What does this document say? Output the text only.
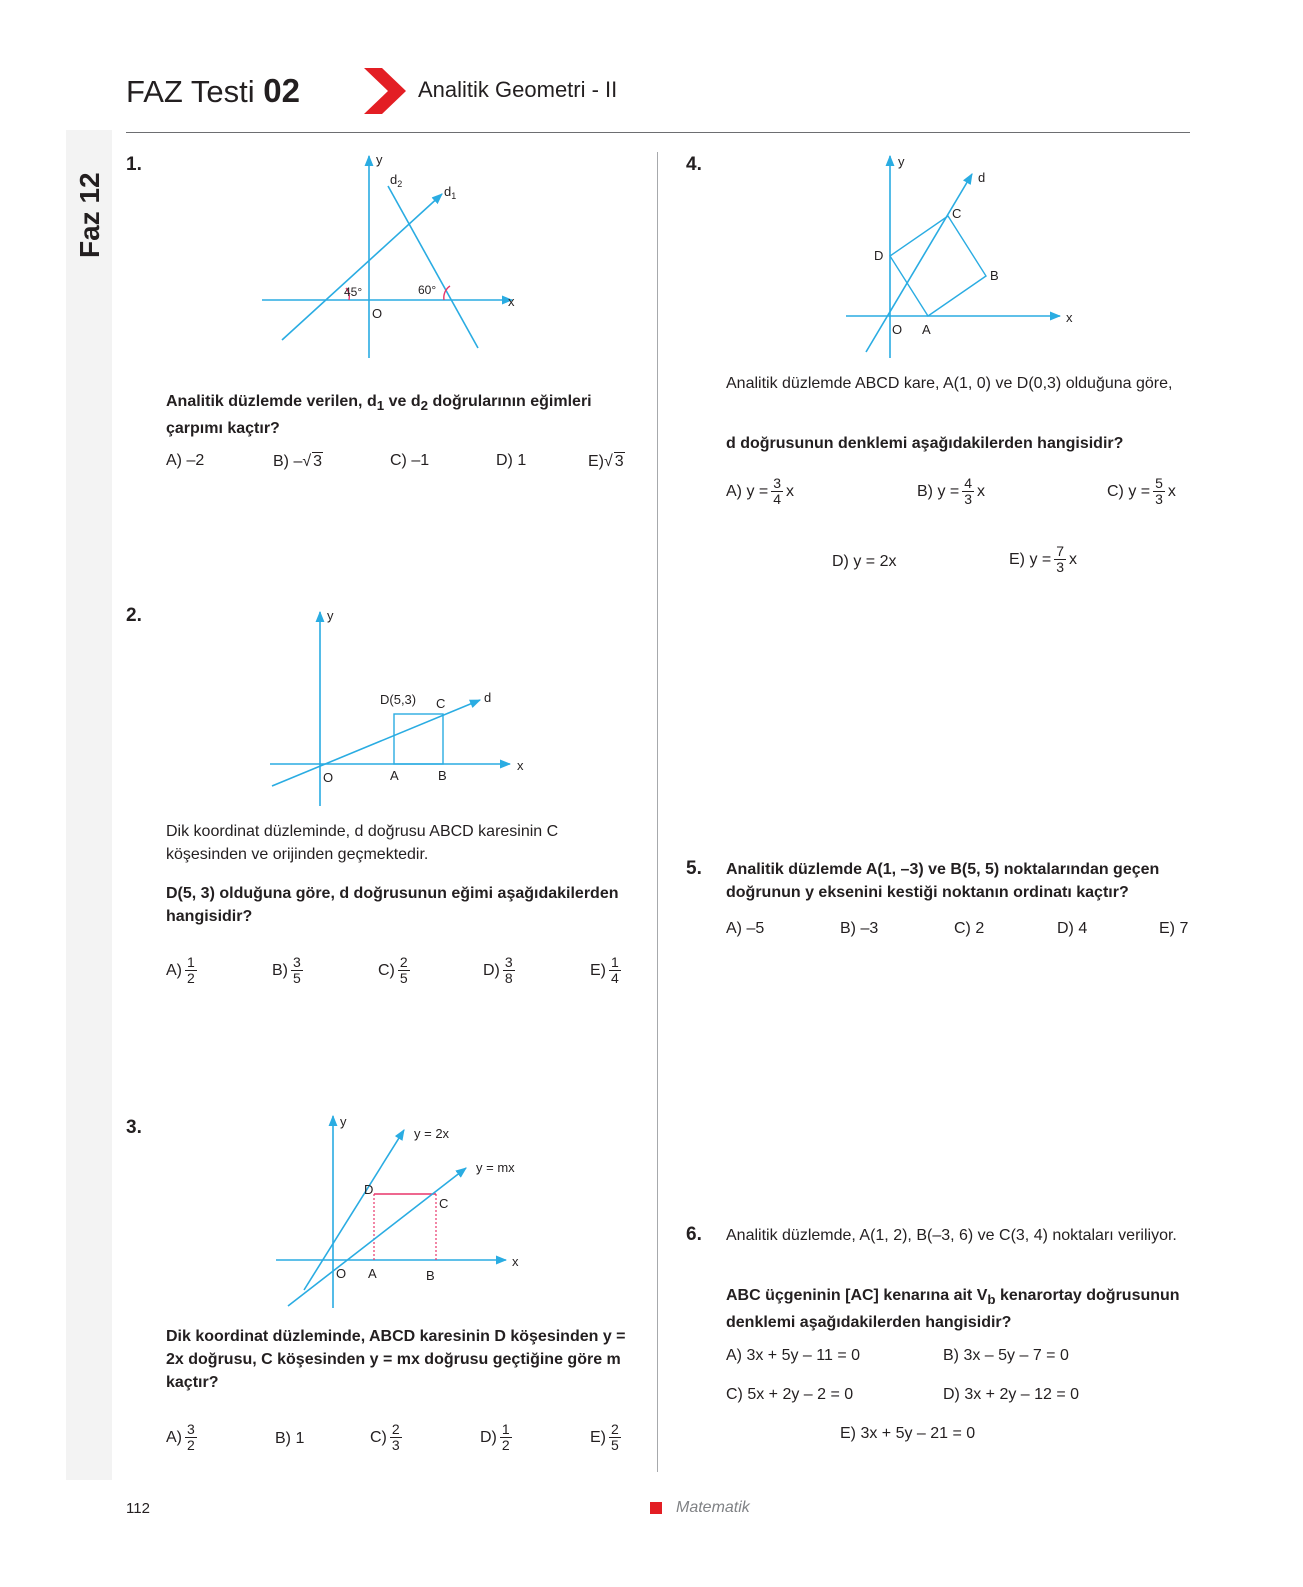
Faz 12
FAZ Testi 02	Analitik Geometri - II
1.	y
x
O
$d_2$	$d_1$
45°	60°
Analitik düzlemde verilen, $d_1$ ve $d_2$ doğrularının eğimleri çarpımı kaçtır?
A) –2	B) – √ 3	C) –1	D) 1	E) √ 3
2.	y
x
O	A	B
C
D(5,3)	d
Dik koordinat düzleminde, d doğrusu ABCD karesinin C köşesinden ve orijinden geçmektedir.
D(5, 3) olduğuna göre, d doğrusunun eğimi aşağıdakilerden hangisidir?
$A) \frac{1}{2}$	$B) \frac{3}{5}$	$C) \frac{2}{5}$	$D) \frac{3}{8}$	$E) \frac{1}{4}$
3.	y
x
O A	B
C
D
y = 2x
y = mx
Dik koordinat düzleminde, ABCD karesinin D köşesinden y = 2x doğrusu, C köşesinden y = mx doğrusu geçtiğine göre m kaçtır?
$A) \frac{3}{2}$	B) 1	$C) \frac{2}{3}$	$D) \frac{1}{2}$	$E) \frac{2}{5}$
4.	y
x
O A
B
C
D
d
Analitik düzlemde ABCD kare, A(1, 0) ve D(0,3) olduğuna göre,
d doğrusunun denklemi aşağıdakilerden hangisidir?
A) $y = \frac{3}{4}$ x	B) $y = \frac{4}{3}$ x	C) $y = \frac{5}{3}$ x
D) y = 2x	E) $y = \frac{7}{3}$ x
5. Analitik düzlemde A(1, –3) ve B(5, 5) noktalarından geçen doğrunun y eksenini kestiği noktanın ordinatı kaçtır?
A) –5	B) –3	C) 2	D) 4	E) 7
6. Analitik düzlemde, A(1, 2), B(–3, 6) ve C(3, 4) noktaları veriliyor.
ABC üçgeninin [AC] kenarına ait $V_b$ kenarortay doğrusunun denklemi aşağıdakilerden hangisidir?
A) 3x + 5y – 11 = 0	B) 3x – 5y – 7 = 0
C) 5x + 2y – 2 = 0	D) 3x + 2y – 12 = 0
E) 3x + 5y – 21 = 0
112	Matematik
